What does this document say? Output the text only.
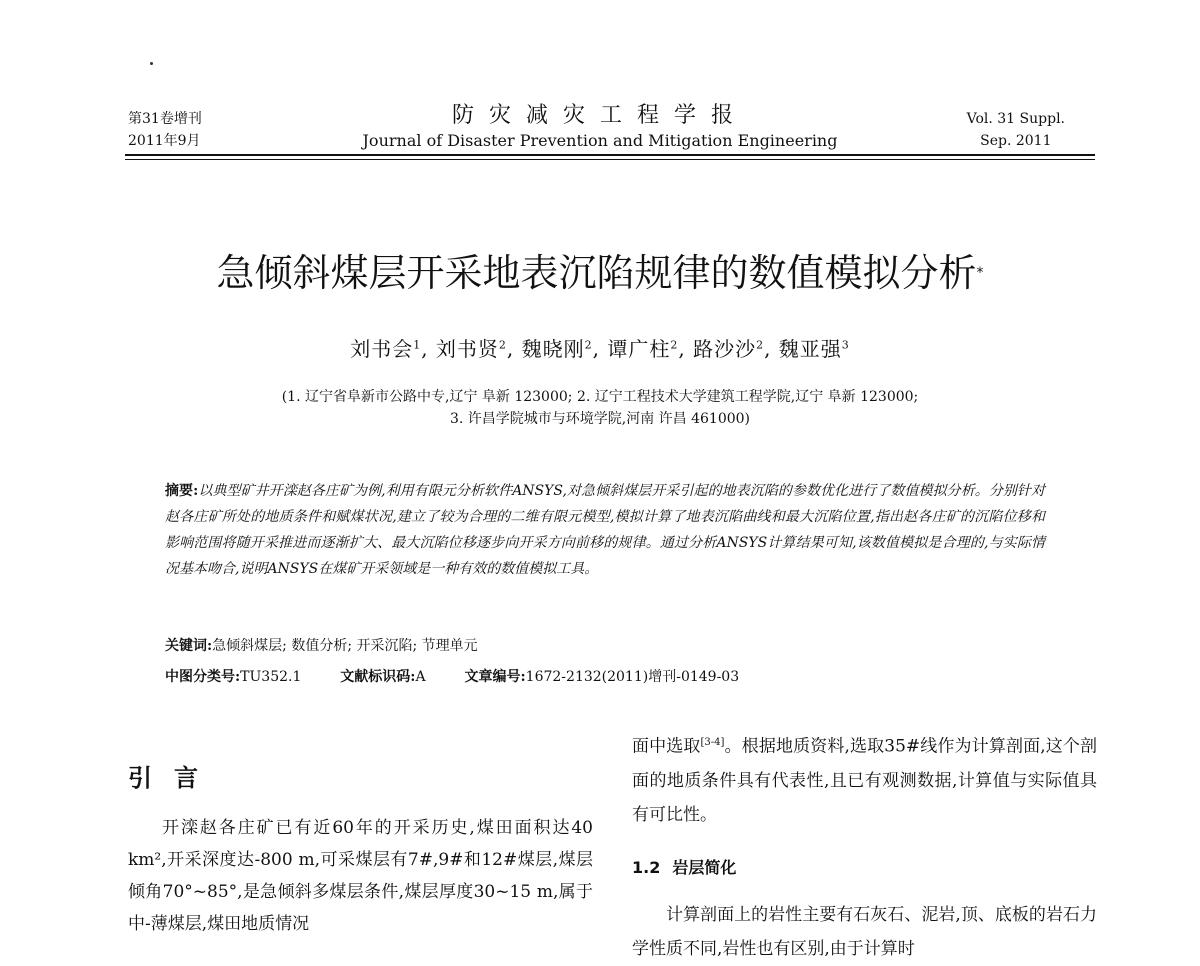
第31卷增刊
2011年9月
防灾减灾工程学报
Journal of Disaster Prevention and Mitigation Engineering
Vol. 31 Suppl.
Sep. 2011
急倾斜煤层开采地表沉陷规律的数值模拟分析*
刘书会$^1$, 刘书贤$^2$, 魏晓刚$^2$, 谭广柱$^2$, 路沙沙$^2$, 魏亚强$^3$
(1. 辽宁省阜新市公路中专,辽宁 阜新 123000; 2. 辽宁工程技术大学建筑工程学院,辽宁 阜新 123000;
3. 许昌学院城市与环境学院,河南 许昌 461000)
摘要:以典型矿井开滦赵各庄矿为例,利用有限元分析软件ANSYS,对急倾斜煤层开采引起的地表沉陷的参数优化进行了数值模拟分析。分别针对赵各庄矿所处的地质条件和赋煤状况,建立了较为合理的二维有限元模型,模拟计算了地表沉陷曲线和最大沉陷位置,指出赵各庄矿的沉陷位移和影响范围将随开采推进而逐渐扩大、最大沉陷位移逐步向开采方向前移的规律。通过分析ANSYS计算结果可知,该数值模拟是合理的,与实际情况基本吻合,说明ANSYS在煤矿开采领域是一种有效的数值模拟工具。
关键词:急倾斜煤层; 数值分析; 开采沉陷; 节理单元
中图分类号:TU352.1	文献标识码:A	文章编号:1672-2132(2011)增刊-0149-03
引言

开滦赵各庄矿已有近60年的开采历史,煤田面积达40 km²,开采深度达-800 m,可采煤层有7#,9#和12#煤层,煤层倾角70°~85°,是急倾斜多煤层条件,煤层厚度30~15 m,属于中-薄煤层,煤田地质情况

面中选取[3-4]。根据地质资料,选取35#线作为计算剖面,这个剖面的地质条件具有代表性,且已有观测数据,计算值与实际值具有可比性。

1.2 岩层简化

计算剖面上的岩性主要有石灰石、泥岩,顶、底板的岩石力学性质不同,岩性也有区别,由于计算时
